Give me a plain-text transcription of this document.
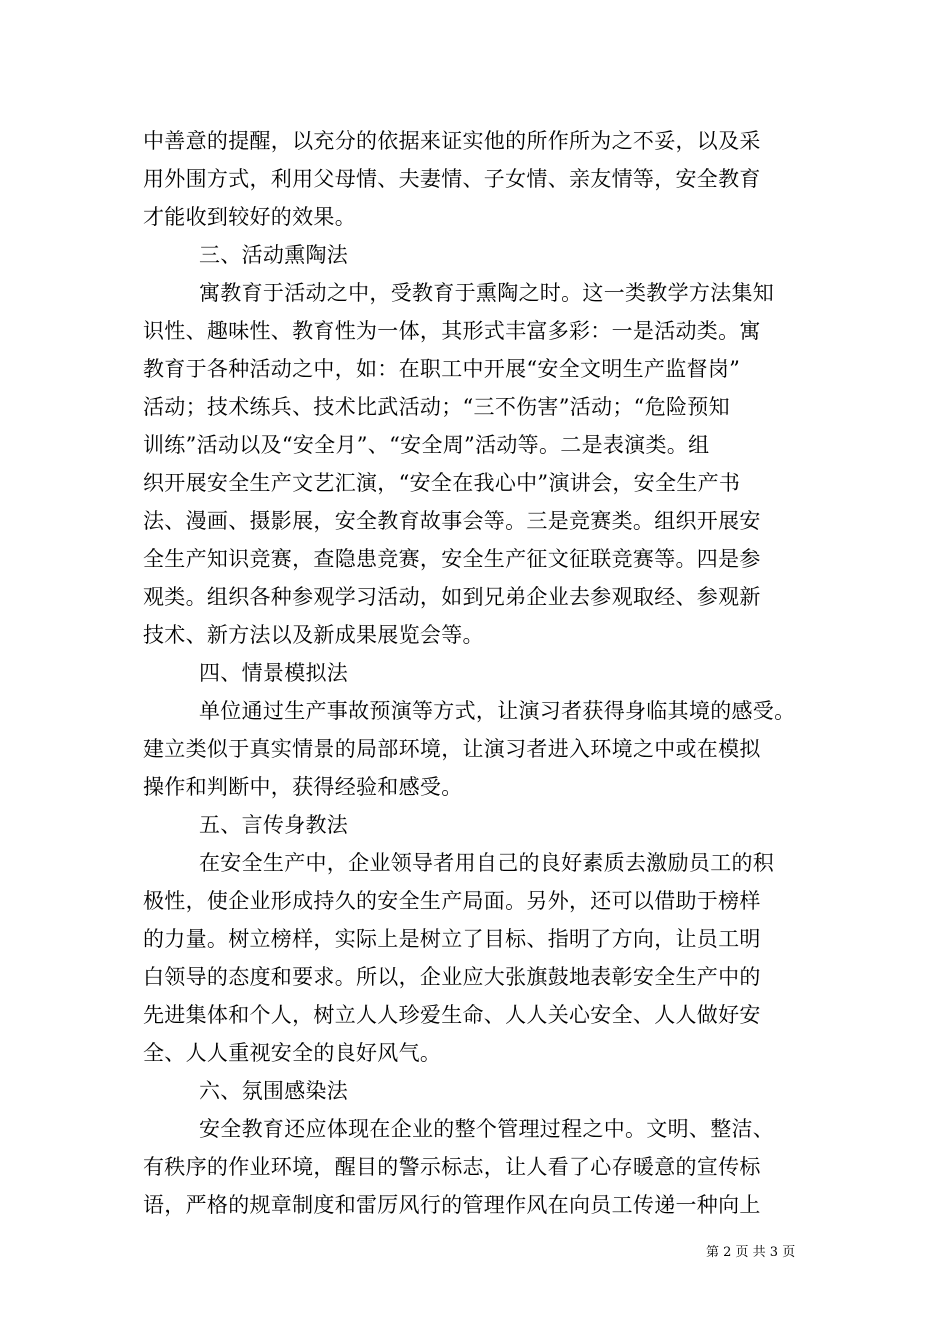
中善意的提醒，以充分的依据来证实他的所作所为之不妥，以及采
用外围方式，利用父母情、夫妻情、子女情、亲友情等，安全教育
才能收到较好的效果。
三、活动熏陶法
寓教育于活动之中，受教育于熏陶之时。这一类教学方法集知
识性、趣味性、教育性为一体，其形式丰富多彩：一是活动类。寓
教育于各种活动之中，如：在职工中开展“安全文明生产监督岗”
活动；技术练兵、技术比武活动；“三不伤害”活动；“危险预知
训练”活动以及“安全月”、“安全周”活动等。二是表演类。组
织开展安全生产文艺汇演，“安全在我心中”演讲会，安全生产书
法、漫画、摄影展，安全教育故事会等。三是竞赛类。组织开展安
全生产知识竞赛，查隐患竞赛，安全生产征文征联竞赛等。四是参
观类。组织各种参观学习活动，如到兄弟企业去参观取经、参观新
技术、新方法以及新成果展览会等。
四、情景模拟法
单位通过生产事故预演等方式，让演习者获得身临其境的感受。
建立类似于真实情景的局部环境，让演习者进入环境之中或在模拟
操作和判断中，获得经验和感受。
五、言传身教法
在安全生产中，企业领导者用自己的良好素质去激励员工的积
极性，使企业形成持久的安全生产局面。另外，还可以借助于榜样
的力量。树立榜样，实际上是树立了目标、指明了方向，让员工明
白领导的态度和要求。所以，企业应大张旗鼓地表彰安全生产中的
先进集体和个人，树立人人珍爱生命、人人关心安全、人人做好安
全、人人重视安全的良好风气。
六、氛围感染法
安全教育还应体现在企业的整个管理过程之中。文明、整洁、
有秩序的作业环境，醒目的警示标志，让人看了心存暖意的宣传标
语，严格的规章制度和雷厉风行的管理作风在向员工传递一种向上
第 2 页 共 3 页
